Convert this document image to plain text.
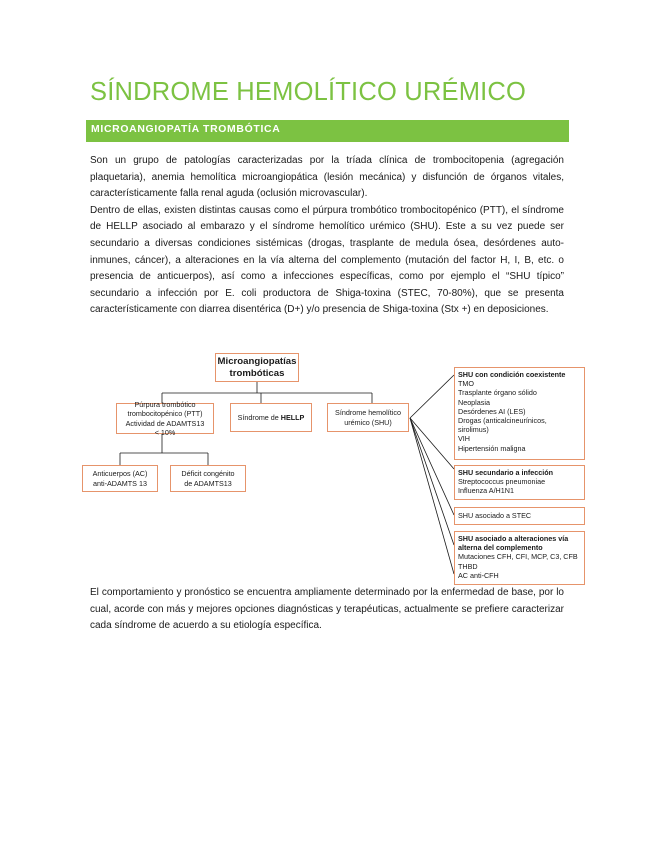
SÍNDROME HEMOLÍTICO URÉMICO
MICROANGIOPATÍA TROMBÓTICA
Son un grupo de patologías caracterizadas por la tríada clínica de trombocitopenia (agregación plaquetaria), anemia hemolítica microangiopática (lesión mecánica) y disfunción de órganos vitales, característicamente falla renal aguda (oclusión microvascular).
Dentro de ellas, existen distintas causas como el púrpura trombótico trombocitopénico (PTT), el síndrome de HELLP asociado al embarazo y el síndrome hemolítico urémico (SHU). Este a su vez puede ser secundario a diversas condiciones sistémicas (drogas, trasplante de medula ósea, desórdenes auto- inmunes, cáncer), a alteraciones en la vía alterna del complemento (mutación del factor H, I, B, etc. o presencia de anticuerpos), así como a infecciones específicas, como por ejemplo el “SHU típico” secundario a infección por E. coli productora de Shiga-toxina (STEC, 70-80%), que se presenta característicamente con diarrea disentérica (D+) y/o presencia de Shiga-toxina (Stx +) en deposiciones.
Microangiopatías
trombóticas
Púrpura trombótico
trombocitopénico (PTT)
Actividad de ADAMTS13
< 10%
Síndrome de HELLP
Síndrome hemolítico
urémico (SHU)
Anticuerpos (AC)
anti-ADAMTS 13
Déficit congénito
de ADAMTS13
SHU con condición coexistente
TMO
Trasplante órgano sólido
Neoplasia
Desórdenes AI (LES)
Drogas (anticalcineurínicos,
sirolimus)
VIH
Hipertensión maligna
SHU secundario a infección
Streptococcus pneumoniae
Influenza A/H1N1
SHU asociado a STEC
SHU asociado a alteraciones vía
alterna del complemento
Mutaciones CFH, CFI, MCP, C3, CFB
THBD
AC anti-CFH

El comportamiento y pronóstico se encuentra ampliamente determinado por la enfermedad de base, por lo cual, acorde con más y mejores opciones diagnósticas y terapéuticas, actualmente se prefiere caracterizar cada síndrome de acuerdo a su etiología específica.
